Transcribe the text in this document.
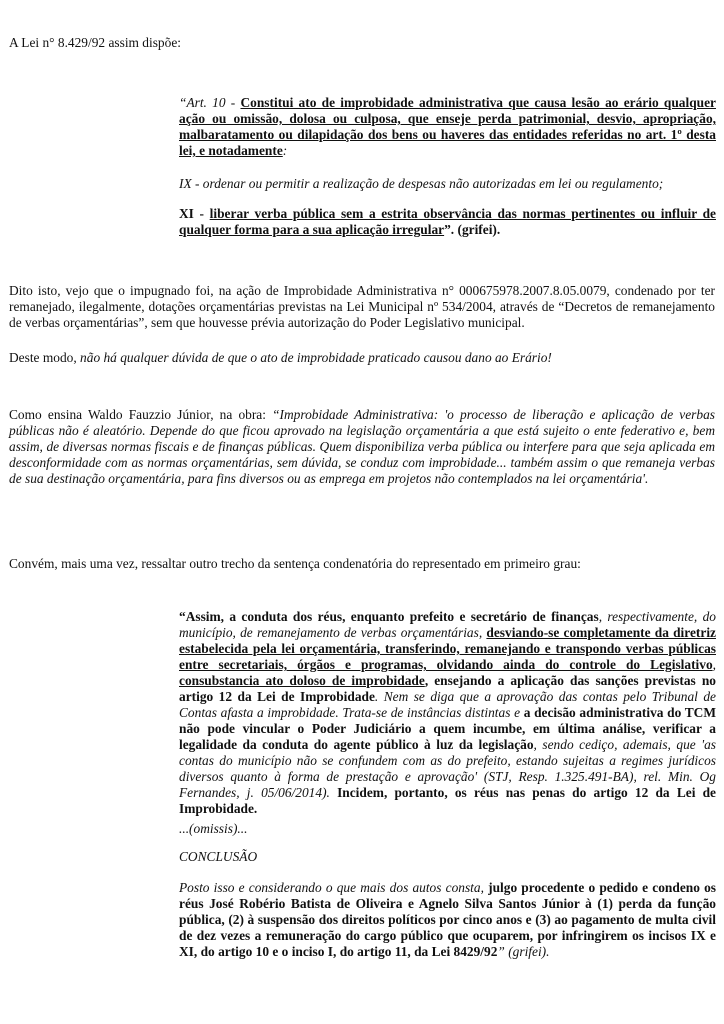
A Lei n° 8.429/92 assim dispõe:

“Art. 10 - Constitui ato de improbidade administrativa que causa lesão ao erário qualquer ação ou omissão, dolosa ou culposa, que enseje perda patrimonial, desvio, apropriação, malbaratamento ou dilapidação dos bens ou haveres das entidades referidas no art. 1º desta lei, e notadamente:

IX - ordenar ou permitir a realização de despesas não autorizadas em lei ou regulamento;

XI - liberar verba pública sem a estrita observância das normas pertinentes ou influir de qualquer forma para a sua aplicação irregular”. (grifei).

Dito isto, vejo que o impugnado foi, na ação de Improbidade Administrativa n° 000675978.2007.8.05.0079, condenado por ter remanejado, ilegalmente, dotações orçamentárias previstas na Lei Municipal nº 534/2004, através de “Decretos de remanejamento de verbas orçamentárias”, sem que houvesse prévia autorização do Poder Legislativo municipal.

Deste modo, não há qualquer dúvida de que o ato de improbidade praticado causou dano ao Erário!

Como ensina Waldo Fauzzio Júnior, na obra: “Improbidade Administrativa: 'o processo de liberação e aplicação de verbas públicas não é aleatório. Depende do que ficou aprovado na legislação orçamentária a que está sujeito o ente federativo e, bem assim, de diversas normas fiscais e de finanças públicas. Quem disponibiliza verba pública ou interfere para que seja aplicada em desconformidade com as normas orçamentárias, sem dúvida, se conduz com improbidade... também assim o que remaneja verbas de sua destinação orçamentária, para fins diversos ou as emprega em projetos não contemplados na lei orçamentária'.

Convém, mais uma vez, ressaltar outro trecho da sentença condenatória do representado em primeiro grau:

“Assim, a conduta dos réus, enquanto prefeito e secretário de finanças, respectivamente, do município, de remanejamento de verbas orçamentárias, desviando-se completamente da diretriz estabelecida pela lei orçamentária, transferindo, remanejando e transpondo verbas públicas entre secretariais, órgãos e programas, olvidando ainda do controle do Legislativo, consubstancia ato doloso de improbidade, ensejando a aplicação das sanções previstas no artigo 12 da Lei de Improbidade. Nem se diga que a aprovação das contas pelo Tribunal de Contas afasta a improbidade. Trata-se de instâncias distintas e a decisão administrativa do TCM não pode vincular o Poder Judiciário a quem incumbe, em última análise, verificar a legalidade da conduta do agente público à luz da legislação, sendo cediço, ademais, que 'as contas do município não se confundem com as do prefeito, estando sujeitas a regimes jurídicos diversos quanto à forma de prestação e aprovação' (STJ, Resp. 1.325.491-BA), rel. Min. Og Fernandes, j. 05/06/2014). Incidem, portanto, os réus nas penas do artigo 12 da Lei de Improbidade.

...(omissis)...

CONCLUSÃO

Posto isso e considerando o que mais dos autos consta, julgo procedente o pedido e condeno os réus José Robério Batista de Oliveira e Agnelo Silva Santos Júnior à (1) perda da função pública, (2) à suspensão dos direitos políticos por cinco anos e (3) ao pagamento de multa civil de dez vezes a remuneração do cargo público que ocuparem, por infringirem os incisos IX e XI, do artigo 10 e o inciso I, do artigo 11, da Lei 8429/92” (grifei).
